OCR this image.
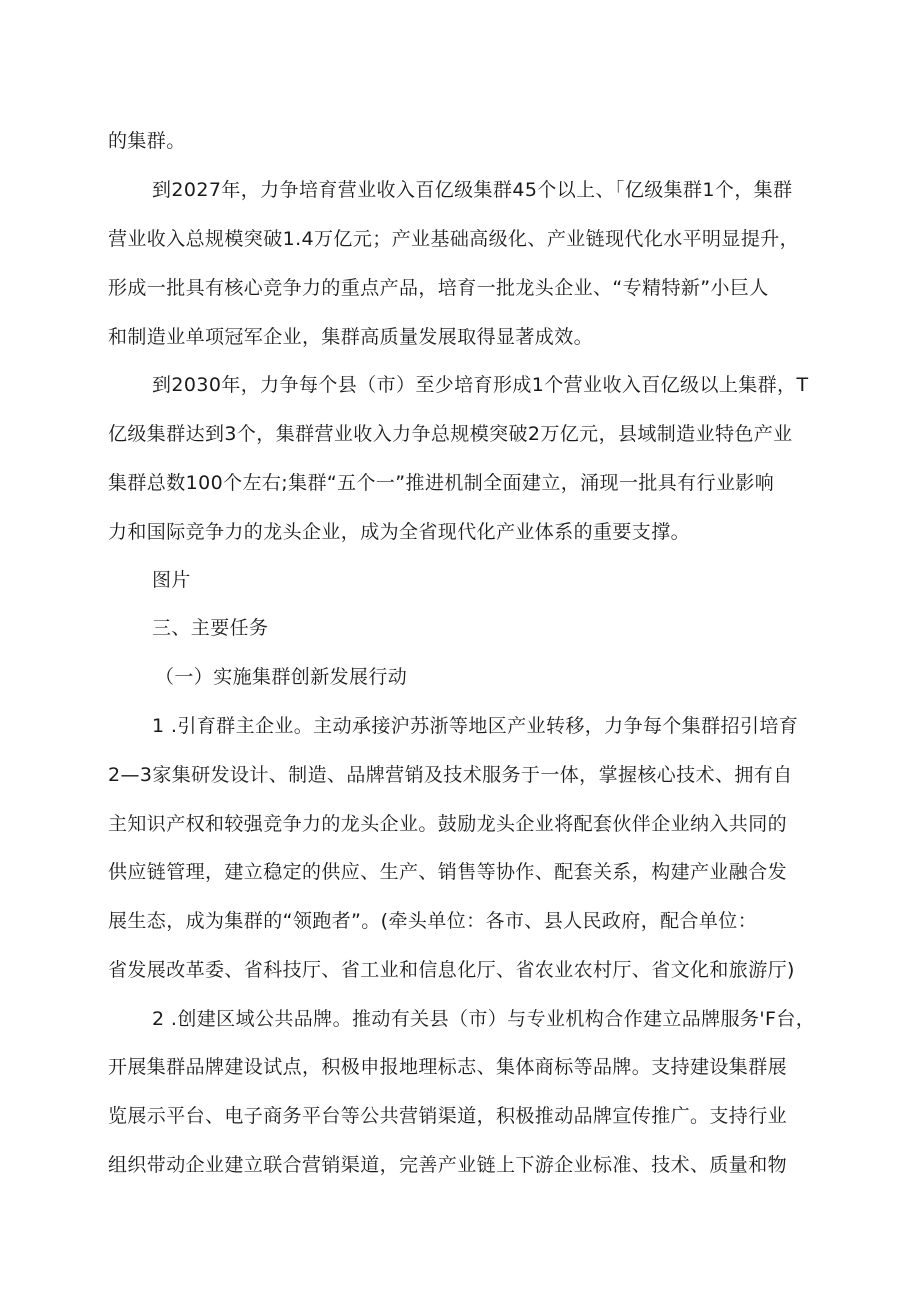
的集群。
到2027年，力争培育营业收入百亿级集群45个以上、「亿级集群1个，集群
营业收入总规模突破1.4万亿元；产业基础高级化、产业链现代化水平明显提升，
形成一批具有核心竞争力的重点产品，培育一批龙头企业、“专精特新”小巨人
和制造业单项冠军企业，集群高质量发展取得显著成效。
到2030年，力争每个县（市）至少培育形成1个营业收入百亿级以上集群，T
亿级集群达到3个，集群营业收入力争总规模突破2万亿元，县域制造业特色产业
集群总数100个左右;集群“五个一”推进机制全面建立，涌现一批具有行业影响
力和国际竞争力的龙头企业，成为全省现代化产业体系的重要支撑。
图片
三、主要任务
（一）实施集群创新发展行动
1 .引育群主企业。主动承接沪苏浙等地区产业转移，力争每个集群招引培育
2—3家集研发设计、制造、品牌营销及技术服务于一体，掌握核心技术、拥有自
主知识产权和较强竞争力的龙头企业。鼓励龙头企业将配套伙伴企业纳入共同的
供应链管理，建立稳定的供应、生产、销售等协作、配套关系，构建产业融合发
展生态，成为集群的“领跑者”。(牵头单位：各市、县人民政府，配合单位：
省发展改革委、省科技厅、省工业和信息化厅、省农业农村厅、省文化和旅游厅)
2 .创建区域公共品牌。推动有关县（市）与专业机构合作建立品牌服务'F台，
开展集群品牌建设试点，积极申报地理标志、集体商标等品牌。支持建设集群展
览展示平台、电子商务平台等公共营销渠道，积极推动品牌宣传推广。支持行业
组织带动企业建立联合营销渠道，完善产业链上下游企业标准、技术、质量和物
